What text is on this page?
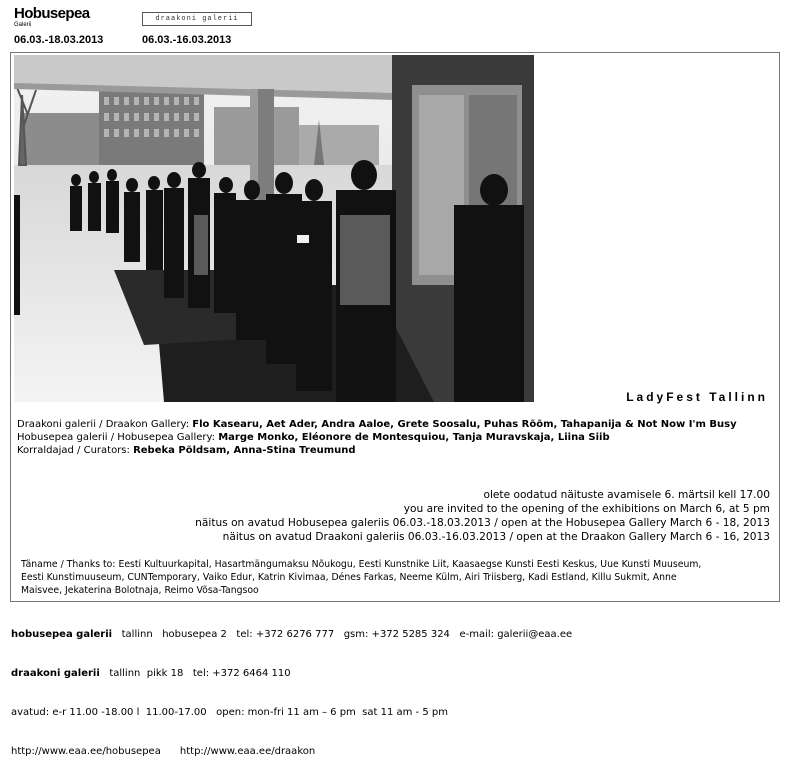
Hobusepea
Galerii
draakoni galerii
06.03.-18.03.2013	06.03.-16.03.2013
LadyFest Tallinn
Draakoni galerii / Draakon Gallery: Flo Kasearu, Aet Ader, Andra Aaloe, Grete Soosalu, Puhas Rõõm, Tahapanija & Not Now I'm Busy
Hobusepea galerii / Hobusepea Gallery: Marge Monko, Eléonore de Montesquiou, Tanja Muravskaja, Liina Siib
Korraldajad / Curators: Rebeka Põldsam, Anna-Stina Treumund
olete oodatud näituste avamisele 6. märtsil kell 17.00
you are invited to the opening of the exhibitions on March 6, at 5 pm
näitus on avatud Hobusepea galeriis 06.03.-18.03.2013 / open at the Hobusepea Gallery March 6 - 18, 2013
näitus on avatud Draakoni galeriis 06.03.-16.03.2013 / open at the Draakon Gallery March 6 - 16, 2013
Täname / Thanks to: Eesti Kultuurkapital, Hasartmängumaksu Nõukogu, Eesti Kunstnike Liit, Kaasaegse Kunsti Eesti Keskus, Uue Kunsti Muuseum,
Eesti Kunstimuuseum, CUNTemporary, Vaiko Edur, Katrin Kivimaa, Dénes Farkas, Neeme Külm, Airi Triisberg, Kadi Estland, Killu Sukmit, Anne
Maisvee, Jekaterina Bolotnaja, Reimo Võsa-Tangsoo

hobusepea galerii   tallinn   hobusepea 2   tel: +372 6276 777   gsm: +372 5285 324   e-mail: galerii@eaa.ee

draakoni galerii   tallinn  pikk 18   tel: +372 6464 110

avatud: e-r 11.00 -18.00 l  11.00-17.00   open: mon-fri 11 am – 6 pm  sat 11 am - 5 pm

http://www.eaa.ee/hobusepea http://www.eaa.ee/draakon
